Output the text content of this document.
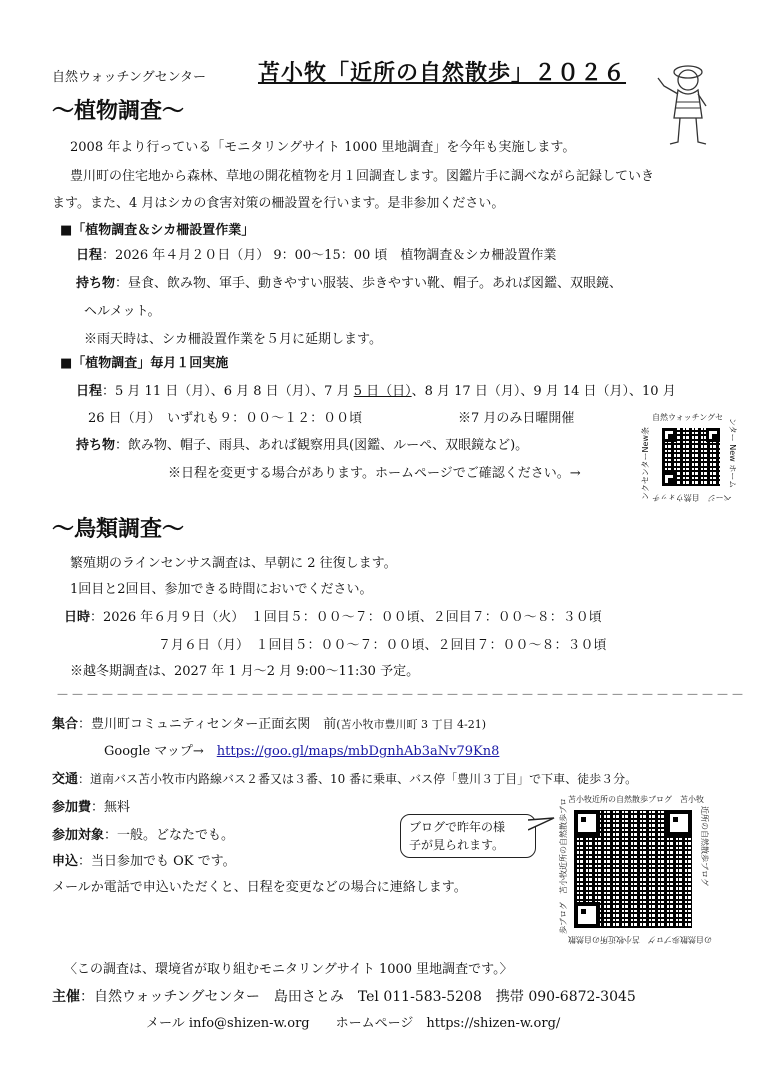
自然ウォッチングセンター 苫小牧「近所の自然散歩」２０２６
～植物調査～
2008 年より行っている「モニタリングサイト 1000 里地調査」を今年も実施します。
豊川町の住宅地から森林、草地の開花植物を月１回調査します。図鑑片手に調べながら記録していき
ます。また、4 月はシカの食害対策の柵設置を行います。是非参加ください。
■「植物調査＆シカ柵設置作業」
日程：2026 年４月２０日（月） 9：00～15：00 頃　植物調査＆シカ柵設置作業
持ち物：昼食、飲み物、軍手、動きやすい服装、歩きやすい靴、帽子。あれば図鑑、双眼鏡、
ヘルメット。
※雨天時は、シカ柵設置作業を５月に延期します。
■「植物調査」毎月１回実施
日程：5 月 11 日（月）、6 月 8 日（月）、7 月 5 日（日）、8 月 17 日（月）、9 月 14 日（月）、10 月
26 日（月）　いずれも９：００～１２：００頃	※7 月のみ日曜開催
持ち物：飲み物、帽子、雨具、あれば観察用具(図鑑、ルーペ、双眼鏡など)。
※日程を変更する場合があります。ホームページでご確認ください。→
自然ウォッチングセ
ンクセンターNew条	ンター New ホーム
ページ　自然ウォッチ
～鳥類調査～
繁殖期のラインセンサス調査は、早朝に 2 往復します。
1回目と2回目、参加できる時間においでください。
日時：2026 年６月９日（火）　１回目５：００～７：００頃、２回目７：００～８：３０頃
７月６日（月）　１回目５：００～７：００頃、２回目７：００～８：３０頃
※越冬期調査は、2027 年 1 月～2 月 9:00～11:30 予定。
－－－－－－－－－－－－－－－－－－－－－－－－－－－－－－－－－－－－－－－－－－－－－－
集合：豊川町コミュニティセンター正面玄関　前(苫小牧市豊川町 3 丁目 4-21)
Google マップ→　 https://goo.gl/maps/mbDgnhAb3aNv79Kn8
交通：道南バス苫小牧市内路線バス２番又は３番、10 番に乗車、バス停「豊川３丁目」で下車、徒歩３分。
参加費：無料
参加対象：一般。どなたでも。
申込：当日参加でも OK です。
メールか電話で申込いただくと、日程を変更などの場合に連絡します。
ブログで昨年の様
子が見られます。
苫小牧近所の自然散歩ブログ　苫小牧
歩ブログ　苫小牧近所の自然散歩ブロ	近所の自然散歩ブログ
の自然散歩ブログ　苫小牧近所の自然散
〈この調査は、環境省が取り組むモニタリングサイト 1000 里地調査です。〉
主催：自然ウォッチングセンター　島田さとみ　Tel 011-583-5208　携帯 090-6872-3045
メール info@shizen-w.org　　ホームページ　https://shizen-w.org/
